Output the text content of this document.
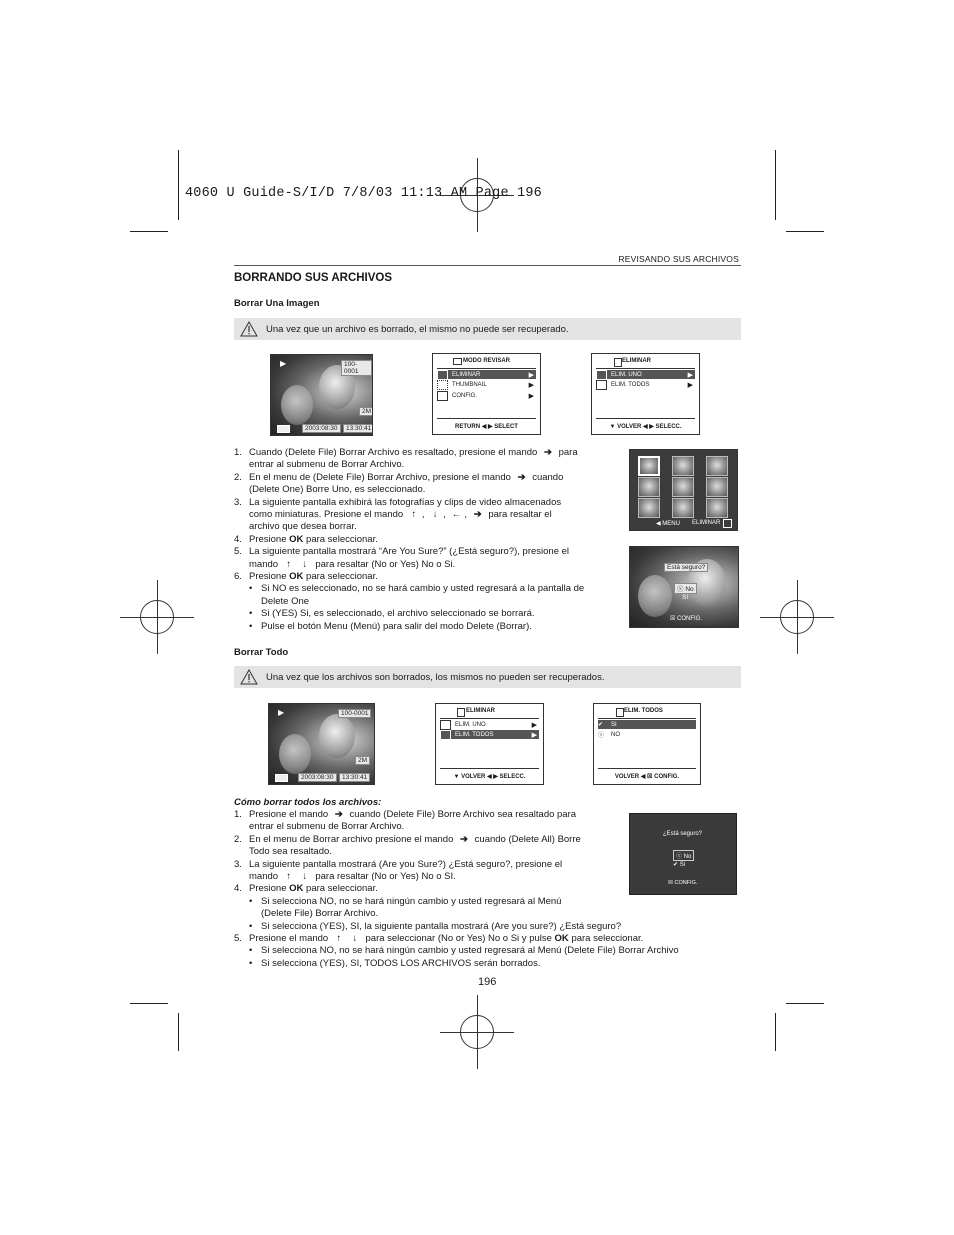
4060 U Guide-S/I/D 7/8/03 11:13 AM Page 196
REVISANDO SUS ARCHIVOS
BORRANDO SUS ARCHIVOS
Borrar Una Imagen
Una vez que un archivo es borrado, el mismo no puede ser recuperado.
▶	100-0001
2M
2003:08:30	13:30:41
MODO REVISAR
ELIMINAR	▶
THUMBNAIL	▶
CONFIG.	▶
RETURN ◀ ▶ SELECT
ELIMINAR
ELIM. UNO	▶
ELIM. TODOS	▶
▼ VOLVER ◀ ▶ SELECC.
1. Cuando (Delete File) Borrar Archivo es resaltado, presione el mando ➔ para
entrar al submenu de Borrar Archivo.
2. En el menu de (Delete File) Borrar Archivo, presione el mando ➔ cuando
(Delete One) Borre Uno, es seleccionado.
3. La siguiente pantalla exhibirá las fotografías y clips de video almacenados
como miniaturas. Presione el mando ↑ , ↓ , ← , ➔ para resaltar el
archivo que desea borrar.
4. Presione OK para seleccionar.
5. La siguiente pantalla mostrará “Are You Sure?” (¿Está seguro?), presione el
mando ↑ ↓ para resaltar (No or Yes) No o Si.
6. Presione OK para seleccionar.
• Si NO es seleccionado, no se hará cambio y usted regresará a la pantalla de
Delete One
• Si (YES) Si, es seleccionado, el archivo seleccionado se borrará.
• Pulse el botón Menu (Menú) para salir del modo Delete (Borrar).
◀ MENU ELIMINAR
Está seguro?
ⓧ No
Sí
☒ CONFIG.
Borrar Todo
Una vez que los archivos son borrados, los mismos no pueden ser recuperados.
▶	100-0001
2M
2003:08:30	13:30:41
ELIMINAR
ELIM. UNO	▶
ELIM. TODOS	▶
▼ VOLVER ◀ ▶ SELECC.
ELIM. TODOS
✔	SI
ⓧ	NO
VOLVER ◀ ☒ CONFIG.
Cómo borrar todos los archivos:
1. Presione el mando ➔ cuando (Delete File) Borre Archivo sea resaltado para
entrar el submenu de Borrar Archivo.
2. En el menu de Borrar archivo presione el mando ➔ cuando (Delete All) Borre
Todo sea resaltado.
3. La siguiente pantalla mostrará (Are you Sure?) ¿Está seguro?, presione el
mando ↑ ↓ para resaltar (No or Yes) No o SI.
4. Presione OK para seleccionar.
• Si selecciona NO, no se hará ningún cambio y usted regresará al Menú
(Delete File) Borrar Archivo.
• Si selecciona (YES), SI, la siguiente pantalla mostrará (Are you sure?) ¿Está seguro?
5. Presione el mando ↑ ↓ para seleccionar (No or Yes) No o Si y pulse OK para seleccionar.
• Si selecciona NO, no se hará ningún cambio y usted regresará al Menú (Delete File) Borrar Archivo
• Si selecciona (YES), SI, TODOS LOS ARCHIVOS serán borrados.
¿Está seguro?
ⓧ No
✔ Si
☒ CONFIG.
196
